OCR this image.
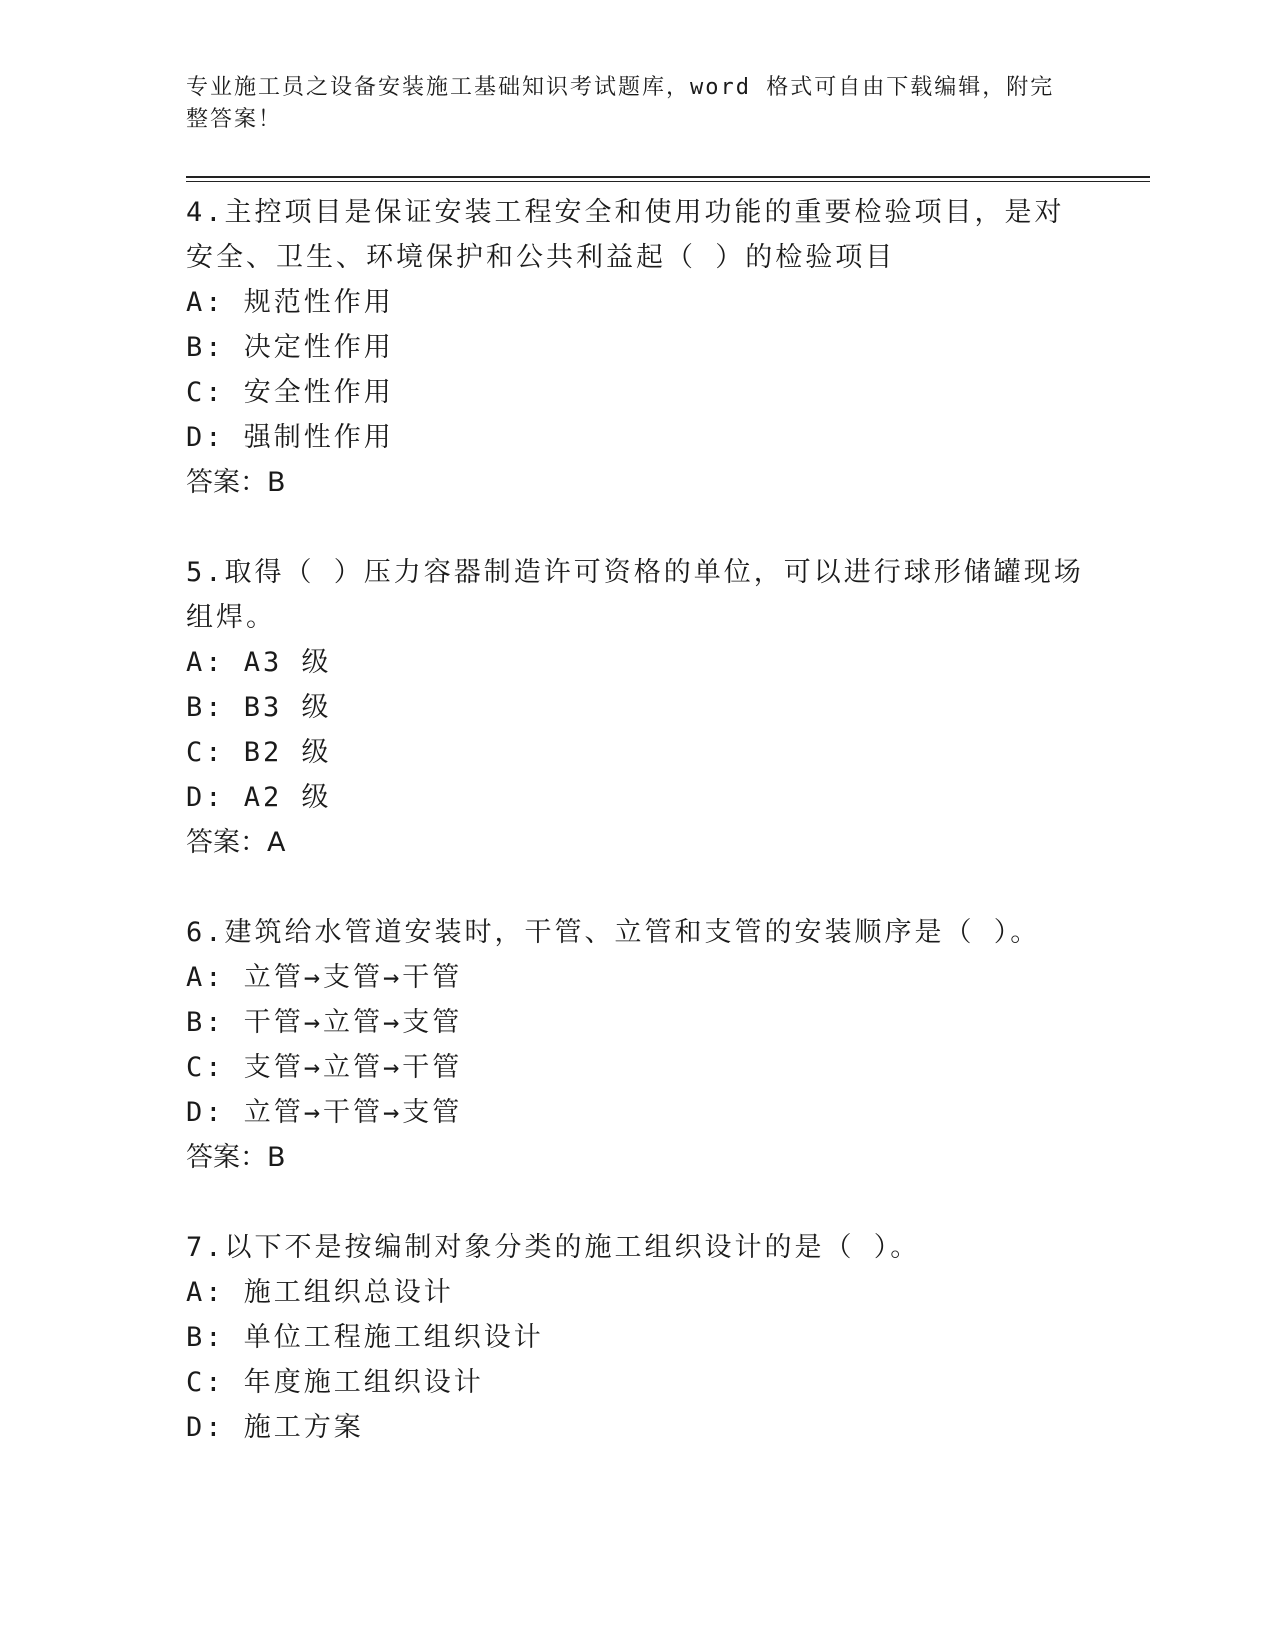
专业施工员之设备安装施工基础知识考试题库，word 格式可自由下载编辑，附完整答案！
4.主控项目是保证安装工程安全和使用功能的重要检验项目，是对安全、卫生、环境保护和公共利益起（ ）的检验项目
A: 规范性作用
B: 决定性作用
C: 安全性作用
D: 强制性作用
答案：B
5.取得（ ）压力容器制造许可资格的单位，可以进行球形储罐现场组焊。
A: A3 级
B: B3 级
C: B2 级
D: A2 级
答案：A
6.建筑给水管道安装时，干管、立管和支管的安装顺序是（ ）。
A: 立管→支管→干管
B: 干管→立管→支管
C: 支管→立管→干管
D: 立管→干管→支管
答案：B
7.以下不是按编制对象分类的施工组织设计的是（ ）。
A: 施工组织总设计
B: 单位工程施工组织设计
C: 年度施工组织设计
D: 施工方案
